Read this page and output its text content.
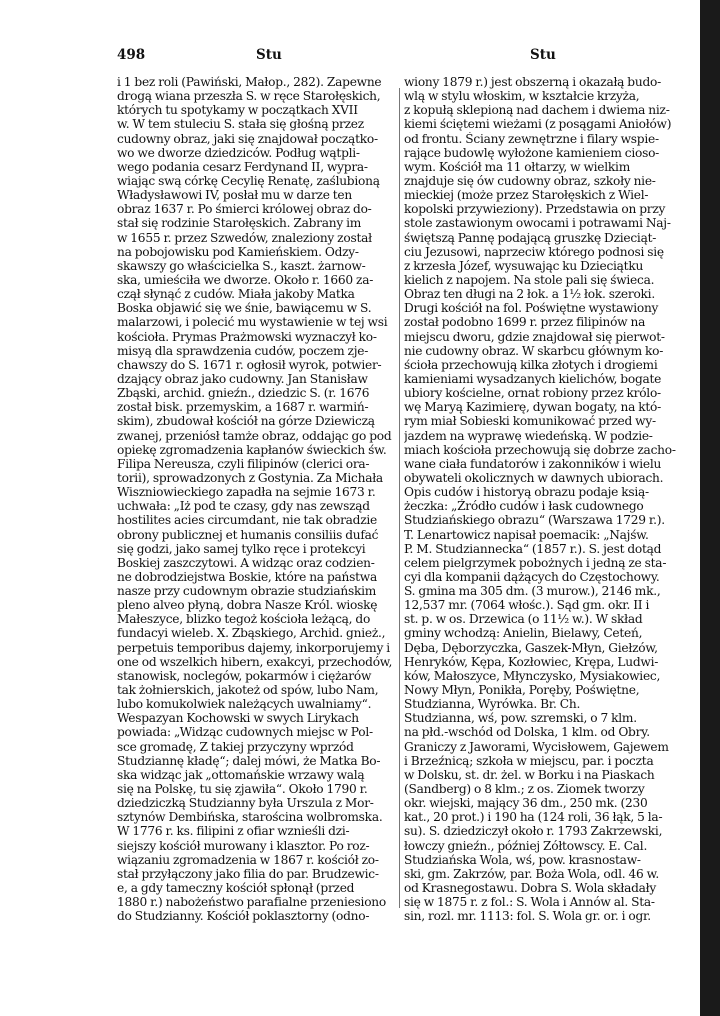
498	Stu	Stu
i 1 bez roli (Pawiński, Małop., 282). Zapewne
drogą wiana przeszła S. w ręce Starołęskich,
których tu spotykamy w początkach XVII
w. W tem stuleciu S. stała się głośną przez
cudowny obraz, jaki się znajdował początko-
wo we dworze dziedziców. Podług wątpli-
wego podania cesarz Ferdynand II, wypra-
wiając swą córkę Cecylię Renatę, zaślubioną
Władysławowi IV, posłał mu w darze ten
obraz 1637 r. Po śmierci królowej obraz do-
stał się rodzinie Starołęskich. Zabrany im
w 1655 r. przez Szwedów, znaleziony został
na pobojowisku pod Kamieńskiem. Odzy-
skawszy go właścicielka S., kaszt. żarnow-
ska, umieściła we dworze. Około r. 1660 za-
czął słynąć z cudów. Miała jakoby Matka
Boska objawić się we śnie, bawiącemu w S.
malarzowi, i polecić mu wystawienie w tej wsi
kościoła. Prymas Prażmowski wyznaczył ko-
misyą dla sprawdzenia cudów, poczem zje-
chawszy do S. 1671 r. ogłosił wyrok, potwier-
dzający obraz jako cudowny. Jan Stanisław
Zbąski, archid. gnieźn., dziedzic S. (r. 1676
został bisk. przemyskim, a 1687 r. warmiń-
skim), zbudował kościół na górze Dziewiczą
zwanej, przeniósł tamże obraz, oddając go pod
opiekę zgromadzenia kapłanów świeckich św.
Filipa Nereusza, czyli filipinów (clerici ora-
torii), sprowadzonych z Gostynia. Za Michała
Wiszniowieckiego zapadła na sejmie 1673 r.
uchwała: „Iż pod te czasy, gdy nas zewsząd
hostilites acies circumdant, nie tak obradzie
obrony publicznej et humanis consiliis dufać
się godzi, jako samej tylko ręce i protekcyi
Boskiej zaszczytowi. A widząc oraz codzien-
ne dobrodziejstwa Boskie, które na państwa
nasze przy cudownym obrazie studziańskim
pleno alveo płyną, dobra Nasze Król. wioskę
Małeszyce, blizko tegoż kościoła leżącą, do
fundacyi wieleb. X. Zbąskiego, Archid. gnież.,
perpetuis temporibus dajemy, inkorporujemy i
one od wszelkich hibern, exakcyi, przechodów,
stanowisk, noclegów, pokarmów i ciężarów
tak żołnierskich, jakoteż od spów, lubo Nam,
lubo komukolwiek należących uwalniamy“.
Wespazyan Kochowski w swych Lirykach
powiada: „Widząc cudownych miejsc w Pol-
sce gromadę, Z takiej przyczyny wprzód
Studziannę kładę“; dalej mówi, że Matka Bo-
ska widząc jak „ottomańskie wrzawy walą
się na Polskę, tu się zjawiła“. Około 1790 r.
dziedziczką Studzianny była Urszula z Mor-
sztynów Dembińska, starościna wolbromska.
W 1776 r. ks. filipini z ofiar wznieśli dzi-
siejszy kościół murowany i klasztor. Po roz-
wiązaniu zgromadzenia w 1867 r. kościół zo-
stał przyłączony jako filia do par. Brudzewic-
e, a gdy tameczny kościół spłonął (przed
1880 r.) nabożeństwo parafialne przeniesiono
do Studzianny. Kościół poklasztorny (odno-
wiony 1879 r.) jest obszerną i okazałą budo-
wlą w stylu włoskim, w kształcie krzyża,
z kopułą sklepioną nad dachem i dwiema niz-
kiemi ściętemi wieżami (z posągami Aniołów)
od frontu. Ściany zewnętrzne i filary wspie-
rające budowlę wyłożone kamieniem cioso-
wym. Kościół ma 11 ołtarzy, w wielkim
znajduje się ów cudowny obraz, szkoły nie-
mieckiej (może przez Starołęskich z Wiel-
kopolski przywieziony). Przedstawia on przy
stole zastawionym owocami i potrawami Naj-
świętszą Pannę podającą gruszkę Dzieciąt-
ciu Jezusowi, naprzeciw którego podnosi się
z krzesła Józef, wysuwając ku Dzieciątku
kielich z napojem. Na stole pali się świeca.
Obraz ten długi na 2 łok. a 1½ łok. szeroki.
Drugi kościół na fol. Poświętne wystawiony
został podobno 1699 r. przez filipinów na
miejscu dworu, gdzie znajdował się pierwot-
nie cudowny obraz. W skarbcu głównym ko-
ścioła przechowują kilka złotych i drogiemi
kamieniami wysadzanych kielichów, bogate
ubiory kościelne, ornat robiony przez królo-
wę Maryą Kazimierę, dywan bogaty, na któ-
rym miał Sobieski komunikować przed wy-
jazdem na wyprawę wiedeńską. W podzie-
miach kościoła przechowują się dobrze zacho-
wane ciała fundatorów i zakonników i wielu
obywateli okolicznych w dawnych ubiorach.
Opis cudów i historyą obrazu podaje ksią-
żeczka: „Źródło cudów i łask cudownego
Studziańskiego obrazu“ (Warszawa 1729 r.).
T. Lenartowicz napisał poemacik: „Najśw.
P. M. Studziannecka“ (1857 r.). S. jest dotąd
celem pielgrzymek pobożnych i jedną ze sta-
cyi dla kompanii dążących do Częstochowy.
S. gmina ma 305 dm. (3 murow.), 2146 mk.,
12,537 mr. (7064 włośc.). Sąd gm. okr. II i
st. p. w os. Drzewica (o 11½ w.). W skład
gminy wchodzą: Anielin, Bielawy, Ceteń,
Dęba, Dęborzyczka, Gaszek-Młyn, Giełzów,
Henryków, Kępa, Kozłowiec, Krępa, Ludwi-
ków, Małoszyce, Młynczysko, Mysiakowiec,
Nowy Młyn, Ponikła, Poręby, Poświętne,
Studzianna, Wyrówka. Br. Ch.
Studzianna, wś, pow. szremski, o 7 klm.
na płd.-wschód od Dolska, 1 klm. od Obry.
Graniczy z Jaworami, Wycisłowem, Gajewem
i Brzeźnicą; szkoła w miejscu, par. i poczta
w Dolsku, st. dr. żel. w Borku i na Piaskach
(Sandberg) o 8 klm.; z os. Ziomek tworzy
okr. wiejski, mający 36 dm., 250 mk. (230
kat., 20 prot.) i 190 ha (124 roli, 36 łąk, 5 la-
su). S. dziedziczył około r. 1793 Zakrzewski,
łowczy gnieźn., później Zółtowscy. E. Cal.
Studziańska Wola, wś, pow. krasnostaw-
ski, gm. Zakrzów, par. Boża Wola, odl. 46 w.
od Krasnegostawu. Dobra S. Wola składały
się w 1875 r. z fol.: S. Wola i Annów al. Sta-
sin, rozl. mr. 1113: fol. S. Wola gr. or. i ogr.
